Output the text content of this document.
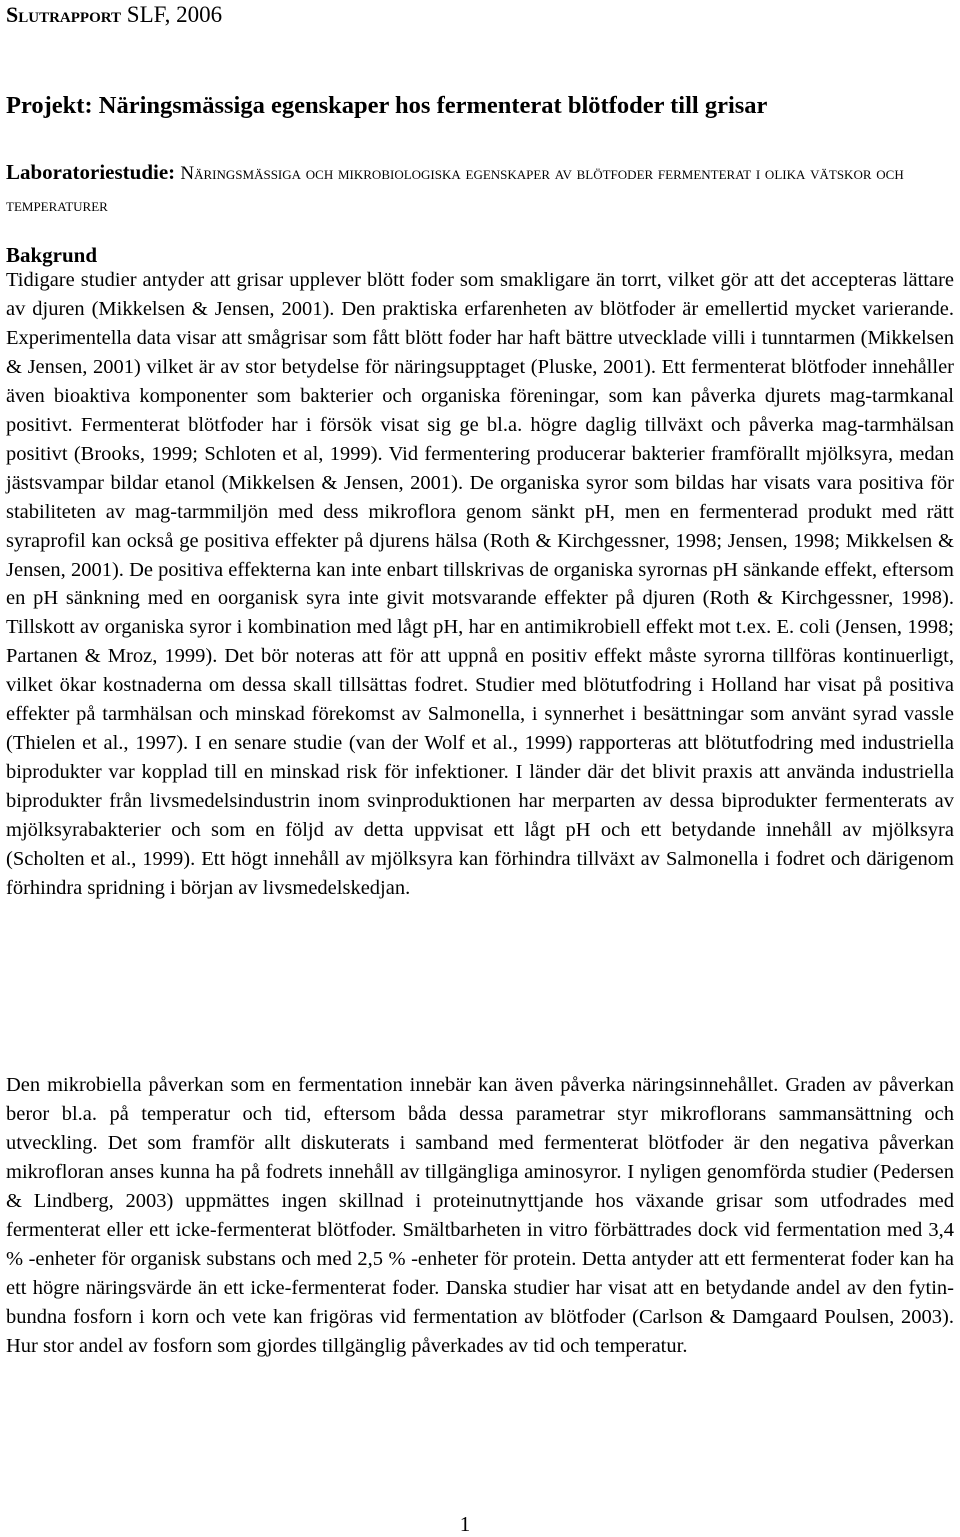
Slutrapport SLF, 2006
Projekt: Näringsmässiga egenskaper hos fermenterat blötfoder till grisar

Laboratoriestudie: Näringsmässiga och mikrobiologiska egenskaper av blötfoder fermenterat i olika vätskor och temperaturer

Bakgrund

Tidigare studier antyder att grisar upplever blött foder som smakligare än torrt, vilket gör att det accepteras lättare av djuren (Mikkelsen & Jensen, 2001). Den praktiska erfarenheten av blötfoder är emellertid mycket varierande. Experimentella data visar att smågrisar som fått blött foder har haft bättre utvecklade villi i tunntarmen (Mikkelsen & Jensen, 2001) vilket är av stor betydelse för näringsupptaget (Pluske, 2001). Ett fermenterat blötfoder innehåller även bioaktiva komponenter som bakterier och organiska föreningar, som kan påverka djurets mag-tarmkanal positivt. Fermenterat blötfoder har i försök visat sig ge bl.a. högre daglig tillväxt och påverka mag-tarmhälsan positivt (Brooks, 1999; Schloten et al, 1999). Vid fermentering producerar bakterier framförallt mjölksyra, medan jästsvampar bildar etanol (Mikkelsen & Jensen, 2001). De organiska syror som bildas har visats vara positiva för stabiliteten av mag-tarmmiljön med dess mikroflora genom sänkt pH, men en fermenterad produkt med rätt syraprofil kan också ge positiva effekter på djurens hälsa (Roth & Kirchgessner, 1998; Jensen, 1998; Mikkelsen & Jensen, 2001). De positiva effekterna kan inte enbart tillskrivas de organiska syrornas pH sänkande effekt, eftersom en pH sänkning med en oorganisk syra inte givit motsvarande effekter på djuren (Roth & Kirchgessner, 1998). Tillskott av organiska syror i kombination med lågt pH, har en antimikrobiell effekt mot t.ex. E. coli (Jensen, 1998; Partanen & Mroz, 1999). Det bör noteras att för att uppnå en positiv effekt måste syrorna tillföras kontinuerligt, vilket ökar kostnaderna om dessa skall tillsättas fodret. Studier med blötutfodring i Holland har visat på positiva effekter på tarmhälsan och minskad förekomst av Salmonella, i synnerhet i besättningar som använt syrad vassle (Thielen et al., 1997). I en senare studie (van der Wolf et al., 1999) rapporteras att blötutfodring med industriella biprodukter var kopplad till en minskad risk för infektioner. I länder där det blivit praxis att använda industriella biprodukter från livsmedelsindustrin inom svinproduktionen har merparten av dessa biprodukter fermenterats av mjölksyrabakterier och som en följd av detta uppvisat ett lågt pH och ett betydande innehåll av mjölksyra (Scholten et al., 1999). Ett högt innehåll av mjölksyra kan förhindra tillväxt av Salmonella i fodret och därigenom förhindra spridning i början av livsmedelskedjan.

Den mikrobiella påverkan som en fermentation innebär kan även påverka näringsinnehållet. Graden av påverkan beror bl.a. på temperatur och tid, eftersom båda dessa parametrar styr mikroflorans sammansättning och utveckling. Det som framför allt diskuterats i samband med fermenterat blötfoder är den negativa påverkan mikrofloran anses kunna ha på fodrets innehåll av tillgängliga aminosyror. I nyligen genomförda studier (Pedersen & Lindberg, 2003) uppmättes ingen skillnad i proteinutnyttjande hos växande grisar som utfodrades med fermenterat eller ett icke-fermenterat blötfoder. Smältbarheten in vitro förbättrades dock vid fermentation med 3,4 % -enheter för organisk substans och med 2,5 % -enheter för protein. Detta antyder att ett fermenterat foder kan ha ett högre näringsvärde än ett icke-fermenterat foder. Danska studier har visat att en betydande andel av den fytin-bundna fosforn i korn och vete kan frigöras vid fermentation av blötfoder (Carlson & Damgaard Poulsen, 2003). Hur stor andel av fosforn som gjordes tillgänglig påverkades av tid och temperatur.

1
